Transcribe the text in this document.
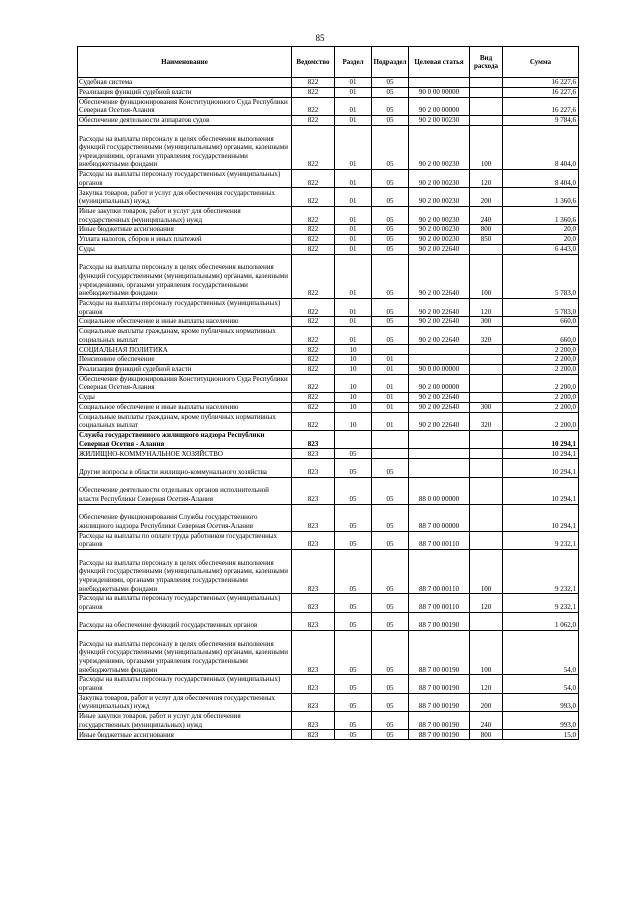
85
Наименование	Ведомство	Раздел	Подраздел	Целевая статья	Вид расхода	Сумма
Судебная система	822	01	05			16 227,6
Реализация функций судебной власти	822	01	05	90 0 00 00000		16 227,6
Обеспечение функционирования Конституционного Суда Республики Северная Осетия-Алания	822	01	05	90 2 00 00000		16 227,6
Обеспечение деятельности аппаратов судов	822	01	05	90 2 00 00230		9 784,6
Расходы на выплаты персоналу в целях обеспечения выполнения функций государственными (муниципальными) органами, казенными учреждениями, органами управления государственными внебюджетными фондами	822	01	05	90 2 00 00230	100	8 404,0
Расходы на выплаты персоналу государственных (муниципальных) органов	822	01	05	90 2 00 00230	120	8 404,0
Закупка товаров, работ и услуг для обеспечения государственных (муниципальных) нужд	822	01	05	90 2 00 00230	200	1 360,6
Иные закупки товаров, работ и услуг для обеспечения государственных (муниципальных) нужд	822	01	05	90 2 00 00230	240	1 360,6
Иные бюджетные ассигнования	822	01	05	90 2 00 00230	800	20,0
Уплата налогов, сборов и иных платежей	822	01	05	90 2 00 00230	850	20,0
Суды	822	01	05	90 2 00 22640		6 443,0
Расходы на выплаты персоналу в целях обеспечения выполнения функций государственными (муниципальными) органами, казенными учреждениями, органами управления государственными внебюджетными фондами	822	01	05	90 2 00 22640	100	5 783,0
Расходы на выплаты персоналу государственных (муниципальных) органов	822	01	05	90 2 00 22640	120	5 783,0
Социальное обеспечение и иные выплаты населению	822	01	05	90 2 00 22640	300	660,0
Социальные выплаты гражданам, кроме публичных нормативных социальных выплат	822	01	05	90 2 00 22640	320	660,0
СОЦИАЛЬНАЯ ПОЛИТИКА	822	10				2 200,0
Пенсионное обеспечение	822	10	01			2 200,0
Реализация функций судебной власти	822	10	01	90 0 00 00000		2 200,0
Обеспечение функционирования Конституционного Суда Республики Северная Осетия-Алания	822	10	01	90 2 00 00000		2 200,0
Суды	822	10	01	90 2 00 22640		2 200,0
Социальное обеспечение и иные выплаты населению	822	10	01	90 2 00 22640	300	2 200,0
Социальные выплаты гражданам, кроме публичных нормативных социальных выплат	822	10	01	90 2 00 22640	320	2 200,0
Служба государственного жилищного надзора Республики Северная Осетия - Алания	823					10 294,1
ЖИЛИЩНО-КОММУНАЛЬНОЕ ХОЗЯЙСТВО	823	05				10 294,1
Другие вопросы в области жилищно-коммунального хозяйства	823	05	05			10 294,1
Обеспечение деятельности отдельных органов исполнительной власти Республики Северная Осетия-Алания	823	05	05	88 0 00 00000		10 294,1
Обеспечение функционирования Службы государственного жилищного надзора Республики Северная Осетия-Алания	823	05	05	88 7 00 00000		10 294,1
Расходы на выплаты по оплате труда работников государственных органов	823	05	05	88 7 00 00110		9 232,1
Расходы на выплаты персоналу в целях обеспечения выполнения функций государственными (муниципальными) органами, казенными учреждениями, органами управления государственными внебюджетными фондами	823	05	05	88 7 00 00110	100	9 232,1
Расходы на выплаты персоналу государственных (муниципальных) органов	823	05	05	88 7 00 00110	120	9 232,1
Расходы на обеспечение функций государственных органов	823	05	05	88 7 00 00190		1 062,0
Расходы на выплаты персоналу в целях обеспечения выполнения функций государственными (муниципальными) органами, казенными учреждениями, органами управления государственными внебюджетными фондами	823	05	05	88 7 00 00190	100	54,0
Расходы на выплаты персоналу государственных (муниципальных) органов	823	05	05	88 7 00 00190	120	54,0
Закупка товаров, работ и услуг для обеспечения государственных (муниципальных) нужд	823	05	05	88 7 00 00190	200	993,0
Иные закупки товаров, работ и услуг для обеспечения государственных (муниципальных) нужд	823	05	05	88 7 00 00190	240	993,0
Иные бюджетные ассигнования	823	05	05	88 7 00 00190	800	15,0
